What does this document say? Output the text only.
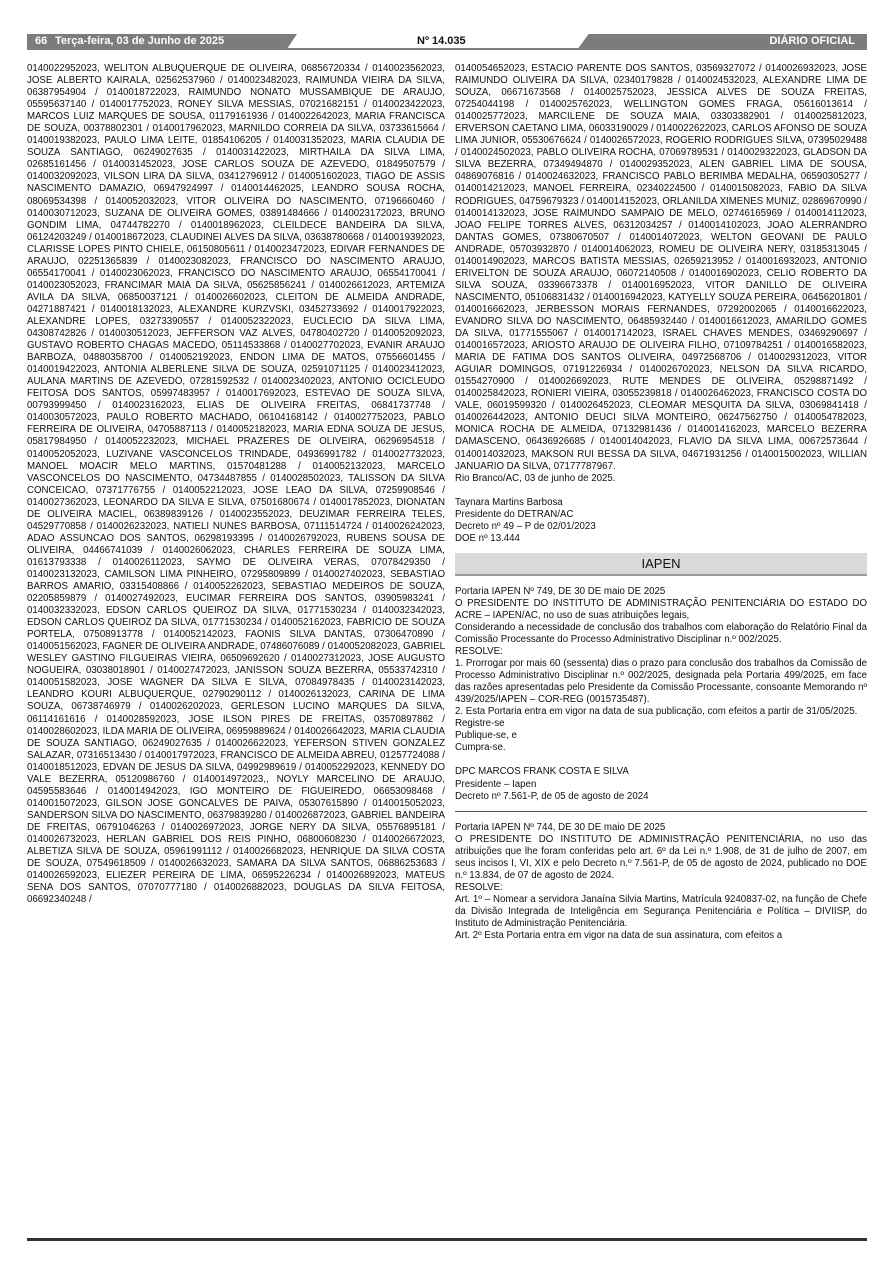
66 Terça-feira, 03 de Junho de 2025	Nº 14.035	DIÁRIO OFICIAL

0140022952023, WELITON ALBUQUERQUE DE OLIVEIRA, 06856720334 / 0140023562023, JOSE ALBERTO KAIRALA, 02562537960 / 0140023482023, RAIMUNDA VIEIRA DA SILVA, 06387954904 / 0140018722023, RAIMUNDO NONATO MUSSAMBIQUE DE ARAUJO, 05595637140 / 0140017752023, RONEY SILVA MESSIAS, 07021682151 / 0140023422023, MARCOS LUIZ MARQUES DE SOUSA, 01179161936 / 0140022642023, MARIA FRANCISCA DE SOUZA, 00378802301 / 0140017962023, MARNILDO CORREIA DA SILVA, 03733615664 / 0140019382023, PAULO LIMA LEITE, 01854106205 / 0140031352023, MARIA CLAUDIA DE SOUZA SANTIAGO, 06249027635 / 0140031422023, MIRTHAILA DA SILVA LIMA, 02685161456 / 0140031452023, JOSE CARLOS SOUZA DE AZEVEDO, 01849507579 / 0140032092023, VILSON LIRA DA SILVA, 03412796912 / 0140051602023, TIAGO DE ASSIS NASCIMENTO DAMAZIO, 06947924997 / 0140014462025, LEANDRO SOUSA ROCHA, 08069534398 / 0140052032023, VITOR OLIVEIRA DO NASCIMENTO, 07196660460 / 0140030712023, SUZANA DE OLIVEIRA GOMES, 03891484666 / 0140023172023, BRUNO GONDIM LIMA, 04744782270 / 0140018962023, CLEILDECE BANDEIRA DA SILVA, 06124203249 / 0140018672023, CLAUDINEI ALVES DA SILVA, 03638780668 / 0140019392023, CLARISSE LOPES PINTO CHIELE, 06150805611 / 0140023472023, EDIVAR FERNANDES DE ARAUJO, 02251365839 / 0140023082023, FRANCISCO DO NASCIMENTO ARAUJO, 06554170041 / 0140023062023, FRANCISCO DO NASCIMENTO ARAUJO, 06554170041 / 0140023052023, FRANCIMAR MAIA DA SILVA, 05625856241 / 0140026612023, ARTEMIZA AVILA DA SILVA, 06850037121 / 0140026602023, CLEITON DE ALMEIDA ANDRADE, 04271887421 / 0140018132023, ALEXANDRE KURZVSKI, 03452733692 / 0140017922023, ALEXANDRE LOPES, 03273390557 / 0140052322023, EUCLECIO DA SILVA LIMA, 04308742826 / 0140030512023, JEFFERSON VAZ ALVES, 04780402720 / 0140052092023, GUSTAVO ROBERTO CHAGAS MACEDO, 05114533868 / 0140027702023, EVANIR ARAUJO BARBOZA, 04880358700 / 0140052192023, ENDON LIMA DE MATOS, 07556601455 / 0140019422023, ANTONIA ALBERLENE SILVA DE SOUZA, 02591071125 / 0140023412023, AULANA MARTINS DE AZEVEDO, 07281592532 / 0140023402023, ANTONIO OCICLEUDO FEITOSA DOS SANTOS, 05997483957 / 0140017692023, ESTEVAO DE SOUZA SILVA, 00793999450 / 0140023162023, ELIAS DE OLIVEIRA FREITAS, 06841737748 / 0140030572023, PAULO ROBERTO MACHADO, 06104168142 / 0140027752023, PABLO FERREIRA DE OLIVEIRA, 04705887113 / 0140052182023, MARIA EDNA SOUZA DE JESUS, 05817984950 / 0140052232023, MICHAEL PRAZERES DE OLIVEIRA, 06296954518 / 0140052052023, LUZIVANE VASCONCELOS TRINDADE, 04936991782 / 0140027732023, MANOEL MOACIR MELO MARTINS, 01570481288 / 0140052132023, MARCELO VASCONCELOS DO NASCIMENTO, 04734487855 / 0140028502023, TALISSON DA SILVA CONCEICAO, 07371776755 / 0140052212023, JOSE LEAO DA SILVA, 07259908546 / 0140027362023, LEONARDO DA SILVA E SILVA, 07501680674 / 0140017852023, DIONATAN DE OLIVEIRA MACIEL, 06389839126 / 0140023552023, DEUZIMAR FERREIRA TELES, 04529770858 / 0140026232023, NATIELI NUNES BARBOSA, 07111514724 / 0140026242023, ADAO ASSUNCAO DOS SANTOS, 06298193395 / 0140026792023, RUBENS SOUSA DE OLIVEIRA, 04466741039 / 0140026062023, CHARLES FERREIRA DE SOUZA LIMA, 01613793338 / 0140026112023, SAYMO DE OLIVEIRA VERAS, 07078429350 / 0140023132023, CAMILSON LIMA PINHEIRO, 07295809899 / 0140027402023, SEBASTIAO BARROS AMARIO, 03315408866 / 0140052262023, SEBASTIAO MEDEIROS DE SOUZA, 02205859879 / 0140027492023, EUCIMAR FERREIRA DOS SANTOS, 03905983241 / 0140032332023, EDSON CARLOS QUEIROZ DA SILVA, 01771530234 / 0140032342023, EDSON CARLOS QUEIROZ DA SILVA, 01771530234 / 0140052162023, FABRICIO DE SOUZA PORTELA, 07508913778 / 0140052142023, FAONIS SILVA DANTAS, 07306470890 / 0140051562023, FAGNER DE OLIVEIRA ANDRADE, 07486076089 / 0140052082023, GABRIEL WESLEY GASTINO FILGUEIRAS VIEIRA, 06509692620 / 0140027312023, JOSE AUGUSTO NOGUEIRA, 03038018901 / 0140027472023, JANISSON SOUZA BEZERRA, 05533742310 / 0140051582023, JOSE WAGNER DA SILVA E SILVA, 07084978435 / 0140023142023, LEANDRO KOURI ALBUQUERQUE, 02790290112 / 0140026132023, CARINA DE LIMA SOUZA, 06738746979 / 0140026202023, GERLESON LUCINO MARQUES DA SILVA, 06114161616 / 0140028592023, JOSE ILSON PIRES DE FREITAS, 03570897862 / 0140028602023, ILDA MARIA DE OLIVEIRA, 06959889624 / 0140026642023, MARIA CLAUDIA DE SOUZA SANTIAGO, 06249027635 / 0140026622023, YEFERSON STIVEN GONZALEZ SALAZAR, 07316513430 / 0140017972023, FRANCISCO DE ALMEIDA ABREU, 01257724088 / 0140018512023, EDVAN DE JESUS DA SILVA, 04992989619 / 0140052292023, KENNEDY DO VALE BEZERRA, 05120986760 / 0140014972023,, NOYLY MARCELINO DE ARAUJO, 04595583646 / 0140014942023, IGO MONTEIRO DE FIGUEIREDO, 06653098468 / 0140015072023, GILSON JOSE GONCALVES DE PAIVA, 05307615890 / 0140015052023, SANDERSON SILVA DO NASCIMENTO, 06379839280 / 0140026872023, GABRIEL BANDEIRA DE FREITAS, 06791046263 / 0140026972023, JORGE NERY DA SILVA, 05576895181 / 0140026732023, HERLAN GABRIEL DOS REIS PINHO, 06800608230 / 0140026672023, ALBETIZA SILVA DE SOUZA, 05961991112 / 0140026682023, HENRIQUE DA SILVA COSTA DE SOUZA, 07549618509 / 0140026632023, SAMARA DA SILVA SANTOS, 06886253683 / 0140026592023, ELIEZER PEREIRA DE LIMA, 06595226234 / 0140026892023, MATEUS SENA DOS SANTOS, 07070777180 / 0140026882023, DOUGLAS DA SILVA FEITOSA, 06692340248 /

0140054652023, ESTACIO PARENTE DOS SANTOS, 03569327072 / 0140026932023, JOSE RAIMUNDO OLIVEIRA DA SILVA, 02340179828 / 0140024532023, ALEXANDRE LIMA DE SOUZA, 06671673568 / 0140025752023, JESSICA ALVES DE SOUZA FREITAS, 07254044198 / 0140025762023, WELLINGTON GOMES FRAGA, 05616013614 / 0140025772023, MARCILENE DE SOUZA MAIA, 03303382901 / 0140025812023, ERVERSON CAETANO LIMA, 06033190029 / 0140022622023, CARLOS AFONSO DE SOUZA LIMA JUNIOR, 05530676624 / 0140026572023, ROGERIO RODRIGUES SILVA, 07395029488 / 0140024502023, PABLO OLIVEIRA ROCHA, 07069789531 / 0140029322023, GLADSON DA SILVA BEZERRA, 07349494870 / 0140029352023, ALEN GABRIEL LIMA DE SOUSA, 04869076816 / 0140024632023, FRANCISCO PABLO BERIMBA MEDALHA, 06590305277 / 0140014212023, MANOEL FERREIRA, 02340224500 / 0140015082023, FABIO DA SILVA RODRIGUES, 04759679323 / 0140014152023, ORLANILDA XIMENES MUNIZ, 02869670990 / 0140014132023, JOSE RAIMUNDO SAMPAIO DE MELO, 02746165969 / 0140014112023, JOAO FELIPE TORRES ALVES, 06312034257 / 0140014102023, JOAO ALERRANDRO DANTAS GOMES, 07380670507 / 0140014072023, WELTON GEOVANI DE PAULO ANDRADE, 05703932870 / 0140014062023, ROMEU DE OLIVEIRA NERY, 03185313045 / 0140014902023, MARCOS BATISTA MESSIAS, 02659213952 / 0140016932023, ANTONIO ERIVELTON DE SOUZA ARAUJO, 06072140508 / 0140016902023, CELIO ROBERTO DA SILVA SOUZA, 03396673378 / 0140016952023, VITOR DANILLO DE OLIVEIRA NASCIMENTO, 05106831432 / 0140016942023, KATYELLY SOUZA PEREIRA, 06456201801 / 0140016662023, JERBESSON MORAIS FERNANDES, 07292002065 / 0140016622023, EVANDRO SILVA DO NASCIMENTO, 06485932440 / 0140016612023, AMARILDO GOMES DA SILVA, 01771555067 / 0140017142023, ISRAEL CHAVES MENDES, 03469290697 / 0140016572023, ARIOSTO ARAUJO DE OLIVEIRA FILHO, 07109784251 / 0140016582023, MARIA DE FATIMA DOS SANTOS OLIVEIRA, 04972568706 / 0140029312023, VITOR AGUIAR DOMINGOS, 07191226934 / 0140026702023, NELSON DA SILVA RICARDO, 01554270900 / 0140026692023, RUTE MENDES DE OLIVEIRA, 05298871492 / 0140025842023, RONIERI VIEIRA, 03055239818 / 0140026462023, FRANCISCO COSTA DO VALE, 06019599320 / 0140026452023, CLEOMAR MESQUITA DA SILVA, 03069841418 / 0140026442023, ANTONIO DEUCI SILVA MONTEIRO, 06247562750 / 0140054782023, MONICA ROCHA DE ALMEIDA, 07132981436 / 0140014162023, MARCELO BEZERRA DAMASCENO, 06436926685 / 0140014042023, FLAVIO DA SILVA LIMA, 00672573644 / 0140014032023, MAKSON RUI BESSA DA SILVA, 04671931256 / 0140015002023, WILLIAN JANUARIO DA SILVA, 07177787967.

Rio Branco/AC, 03 de junho de 2025.

Taynara Martins Barbosa

Presidente do DETRAN/AC

Decreto nº 49 – P de 02/01/2023

DOE nº 13.444

IAPEN

Portaria IAPEN Nº 749, DE 30 DE maio DE 2025

O PRESIDENTE DO INSTITUTO DE ADMINISTRAÇÃO PENITENCIÁRIA DO ESTADO DO ACRE – IAPEN/AC, no uso de suas atribuições legais,

Considerando a necessidade de conclusão dos trabalhos com elaboração do Relatório Final da Comissão Processante do Processo Administrativo Disciplinar n.º 002/2025.

RESOLVE:

1. Prorrogar por mais 60 (sessenta) dias o prazo para conclusão dos trabalhos da Comissão de Processo Administrativo Disciplinar n.º 002/2025, designada pela Portaria 499/2025, em face das razões apresentadas pelo Presidente da Comissão Processante, consoante Memorando nº 439/2025/IAPEN – COR-REG (0015735487).

2. Esta Portaria entra em vigor na data de sua publicação, com efeitos a partir de 31/05/2025.

Registre-se

Publique-se, e

Cumpra-se.

DPC MARCOS FRANK COSTA E SILVA

Presidente – Iapen

Decreto nº 7.561-P, de 05 de agosto de 2024

Portaria IAPEN Nº 744, DE 30 DE maio DE 2025

O PRESIDENTE DO INSTITUTO DE ADMINISTRAÇÃO PENITENCIÁRIA, no uso das atribuições que lhe foram conferidas pelo art. 6º da Lei n.º 1.908, de 31 de julho de 2007, em seus incisos I, VI, XIX e pelo Decreto n.º 7.561-P, de 05 de agosto de 2024, publicado no DOE n.º 13.834, de 07 de agosto de 2024.

RESOLVE:

Art. 1º – Nomear a servidora Janaína Silvia Martins, Matrícula 9240837-02, na função de Chefe da Divisão Integrada de Inteligência em Segurança Penitenciária e Política – DIVIISP, do Instituto de Administração Penitenciária.

Art. 2º Esta Portaria entra em vigor na data de sua assinatura, com efeitos a
